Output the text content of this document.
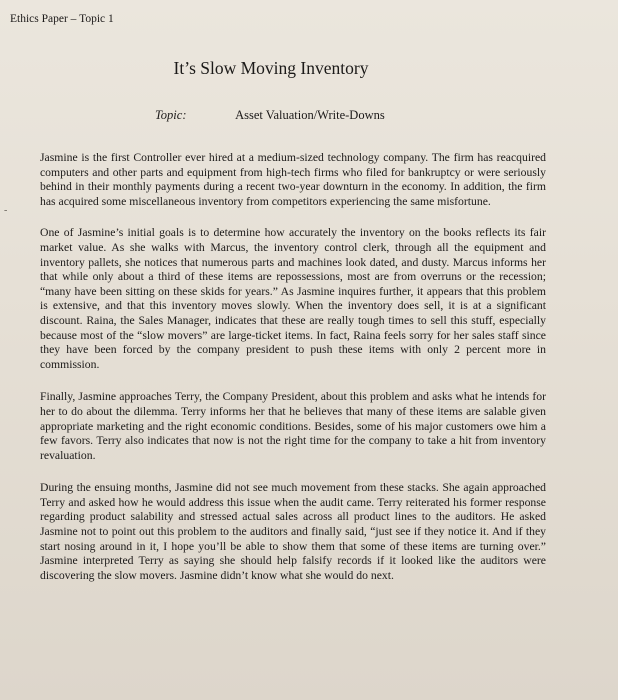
Ethics Paper – Topic 1
It’s Slow Moving Inventory
Topic:	Asset Valuation/Write-Downs
-

Jasmine is the first Controller ever hired at a medium-sized technology company. The firm has reacquired computers and other parts and equipment from high-tech firms who filed for bankruptcy or were seriously behind in their monthly payments during a recent two-year downturn in the economy. In addition, the firm has acquired some miscellaneous inventory from competitors experiencing the same misfortune.

One of Jasmine’s initial goals is to determine how accurately the inventory on the books reflects its fair market value. As she walks with Marcus, the inventory control clerk, through all the equipment and inventory pallets, she notices that numerous parts and machines look dated, and dusty. Marcus informs her that while only about a third of these items are repossessions, most are from overruns or the recession; “many have been sitting on these skids for years.” As Jasmine inquires further, it appears that this problem is extensive, and that this inventory moves slowly. When the inventory does sell, it is at a significant discount. Raina, the Sales Manager, indicates that these are really tough times to sell this stuff, especially because most of the “slow movers” are large-ticket items. In fact, Raina feels sorry for her sales staff since they have been forced by the company president to push these items with only 2 percent more in commission.

Finally, Jasmine approaches Terry, the Company President, about this problem and asks what he intends for her to do about the dilemma. Terry informs her that he believes that many of these items are salable given appropriate marketing and the right economic conditions. Besides, some of his major customers owe him a few favors. Terry also indicates that now is not the right time for the company to take a hit from inventory revaluation.

During the ensuing months, Jasmine did not see much movement from these stacks. She again approached Terry and asked how he would address this issue when the audit came. Terry reiterated his former response regarding product salability and stressed actual sales across all product lines to the auditors. He asked Jasmine not to point out this problem to the auditors and finally said, “just see if they notice it. And if they start nosing around in it, I hope you’ll be able to show them that some of these items are turning over.” Jasmine interpreted Terry as saying she should help falsify records if it looked like the auditors were discovering the slow movers. Jasmine didn’t know what she would do next.
